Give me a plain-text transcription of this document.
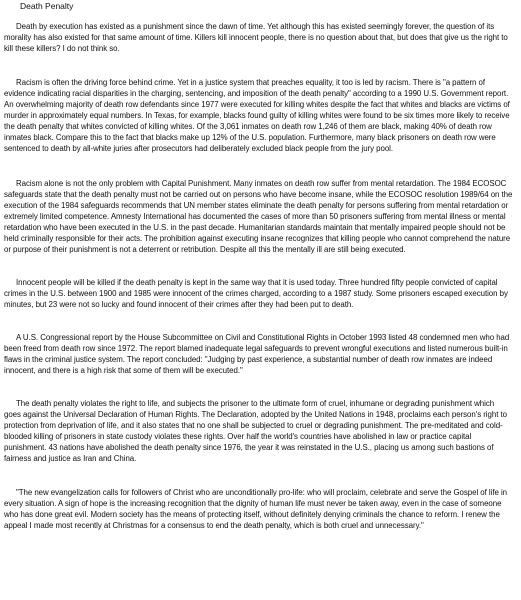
Death Penalty
Death by execution has existed as a punishment since the dawn of time. Yet although this has existed seemingly forever, the question of its morality has also existed for that same amount of time. Killers kill innocent people, there is no question about that, but does that give us the right to kill these killers? I do not think so.
Racism is often the driving force behind crime. Yet in a justice system that preaches equality, it too is led by racism. There is "a pattern of evidence indicating racial disparities in the charging, sentencing, and imposition of the death penalty" according to a 1990 U.S. Government report. An overwhelming majority of death row defendants since 1977 were executed for killing whites despite the fact that whites and blacks are victims of murder in approximately equal numbers. In Texas, for example, blacks found guilty of killing whites were found to be six times more likely to receive the death penalty that whites convicted of killing whites. Of the 3,061 inmates on death row 1,246 of them are black, making 40% of death row inmates black. Compare this to the fact that blacks make up 12% of the U.S. population. Furthermore, many black prisoners on death row were sentenced to death by all-white juries after prosecutors had deliberately excluded black people from the jury pool.
Racism alone is not the only problem with Capital Punishment. Many inmates on death row suffer from mental retardation. The 1984 ECOSOC safeguards state that the death penalty must not be carried out on persons who have become insane, while the ECOSOC resolution 1989/64 on the execution of the 1984 safeguards recommends that UN member states eliminate the death penalty for persons suffering from mental retardation or extremely limited competence. Amnesty International has documented the cases of more than 50 prisoners suffering from mental illness or mental retardation who have been executed in the U.S. in the past decade. Humanitarian standards maintain that mentally impaired people should not be held criminally responsible for their acts. The prohibition against executing insane recognizes that killing people who cannot comprehend the nature or purpose of their punishment is not a deterrent or retribution. Despite all this the mentally ill are still being executed.
Innocent people will be killed if the death penalty is kept in the same way that it is used today. Three hundred fifty people convicted of capital crimes in the U.S. between 1900 and 1985 were innocent of the crimes charged, according to a 1987 study. Some prisoners escaped execution by minutes, but 23 were not so lucky and found innocent of their crimes after they had been put to death.
A U.S. Congressional report by the House Subcommittee on Civil and Constitutional Rights in October 1993 listed 48 condemned men who had been freed from death row since 1972. The report blamed inadequate legal safeguards to prevent wrongful executions and listed numerous built-in flaws in the criminal justice system. The report concluded: "Judging by past experience, a substantial number of death row inmates are indeed innocent, and there is a high risk that some of them will be executed."
The death penalty violates the right to life, and subjects the prisoner to the ultimate form of cruel, inhumane or degrading punishment which goes against the Universal Declaration of Human Rights. The Declaration, adopted by the United Nations in 1948, proclaims each person's right to protection from deprivation of life, and it also states that no one shall be subjected to cruel or degrading punishment. The pre-meditated and cold-blooded killing of prisoners in state custody violates these rights. Over half the world's countries have abolished in law or practice capital punishment. 43 nations have abolished the death penalty since 1976, the year it was reinstated in the U.S., placing us among such bastions of fairness and justice as Iran and China.
"The new evangelization calls for followers of Christ who are unconditionally pro-life: who will proclaim, celebrate and serve the Gospel of life in every situation. A sign of hope is the increasing recognition that the dignity of human life must never be taken away, even in the case of someone who has done great evil. Modern society has the means of protecting itself, without definitely denying criminals the chance to reform. I renew the appeal I made most recently at Christmas for a consensus to end the death penalty, which is both cruel and unnecessary."
